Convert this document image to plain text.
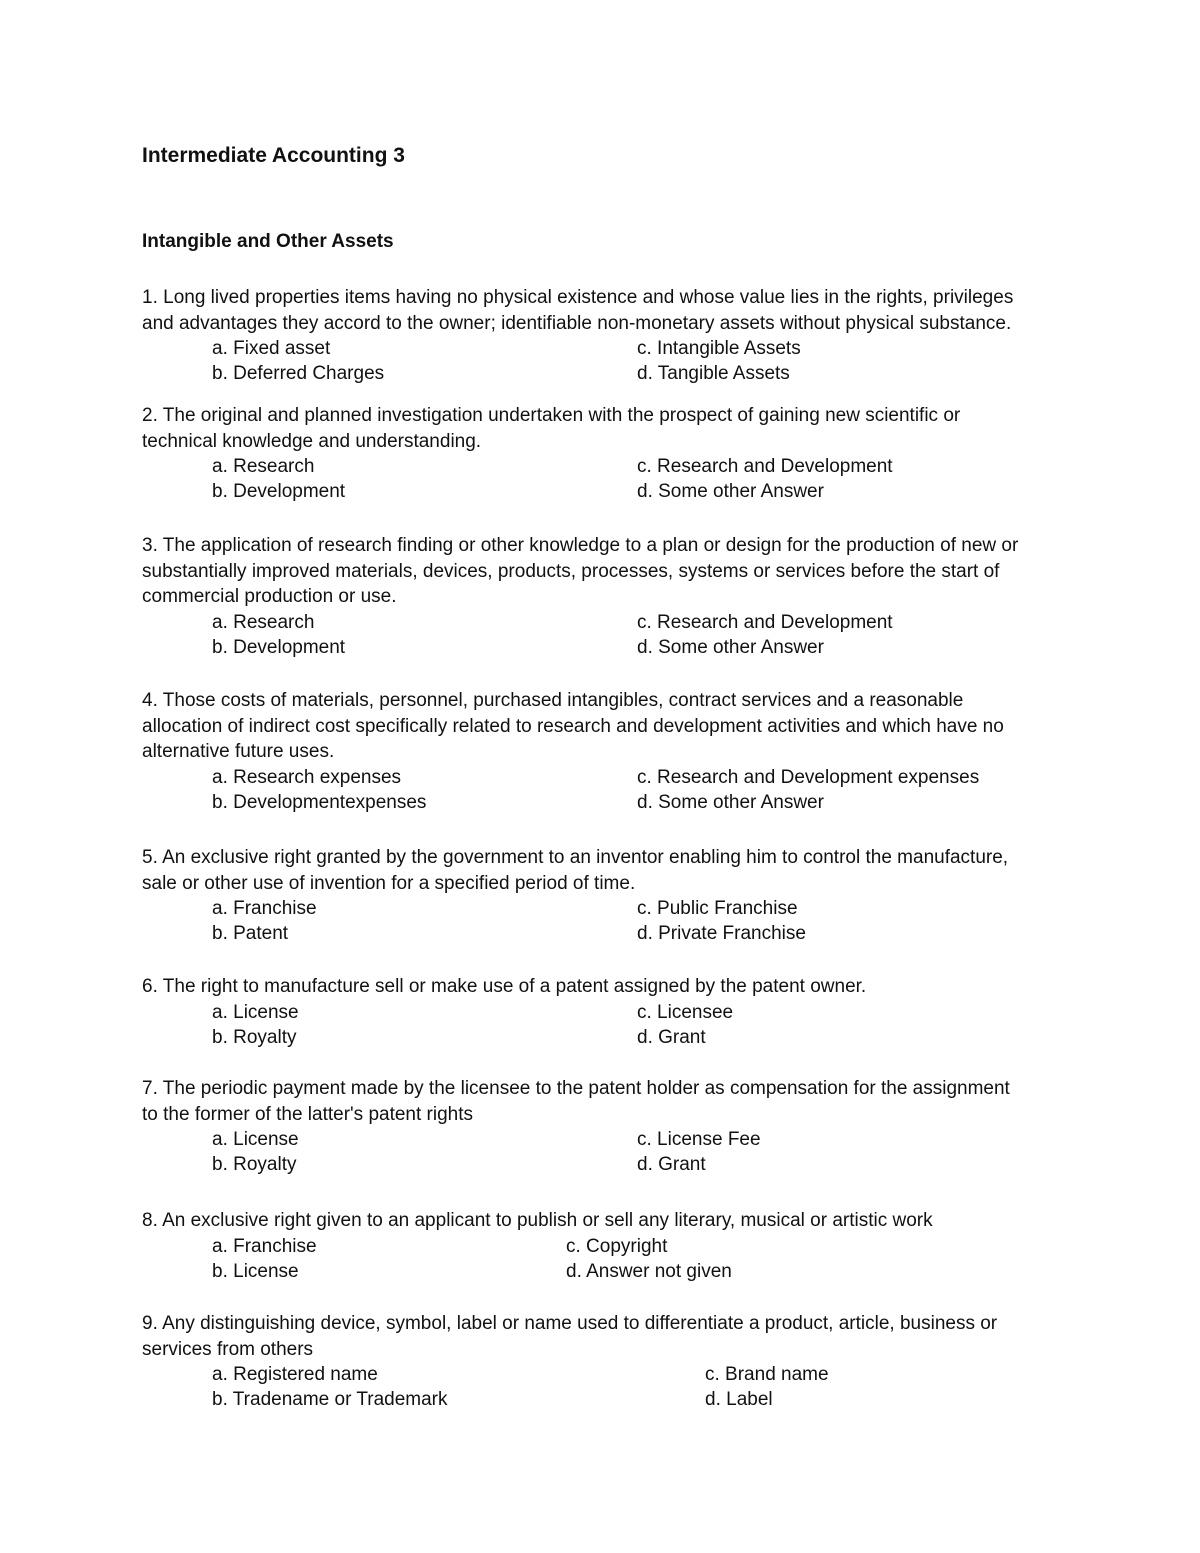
Intermediate Accounting 3
Intangible and Other Assets
1. Long lived properties items having no physical existence and whose value lies in the rights, privileges
and advantages they accord to the owner; identifiable non-monetary assets without physical substance.
a. Fixed asset
b. Deferred Charges
c. Intangible Assets
d. Tangible Assets
2. The original and planned investigation undertaken with the prospect of gaining new scientific or
technical knowledge and understanding.
a. Research
b. Development
c. Research and Development
d. Some other Answer
3. The application of research finding or other knowledge to a plan or design for the production of new or
substantially improved materials, devices, products, processes, systems or services before the start of
commercial production or use.
a. Research
b. Development
c. Research and Development
d. Some other Answer
4. Those costs of materials, personnel, purchased intangibles, contract services and a reasonable
allocation of indirect cost specifically related to research and development activities and which have no
alternative future uses.
a. Research expenses
b. Developmentexpenses
c. Research and Development expenses
d. Some other Answer
5. An exclusive right granted by the government to an inventor enabling him to control the manufacture,
sale or other use of invention for a specified period of time.
a. Franchise
b. Patent
c. Public Franchise
d. Private Franchise
6. The right to manufacture sell or make use of a patent assigned by the patent owner.
a. License
b. Royalty
c. Licensee
d. Grant
7. The periodic payment made by the licensee to the patent holder as compensation for the assignment
to the former of the latter's patent rights
a. License
b. Royalty
c. License Fee
d. Grant
8. An exclusive right given to an applicant to publish or sell any literary, musical or artistic work
a. Franchise
b. License
c. Copyright
d. Answer not given
9. Any distinguishing device, symbol, label or name used to differentiate a product, article, business or
services from others
a. Registered name
b. Tradename or Trademark
c. Brand name
d. Label
